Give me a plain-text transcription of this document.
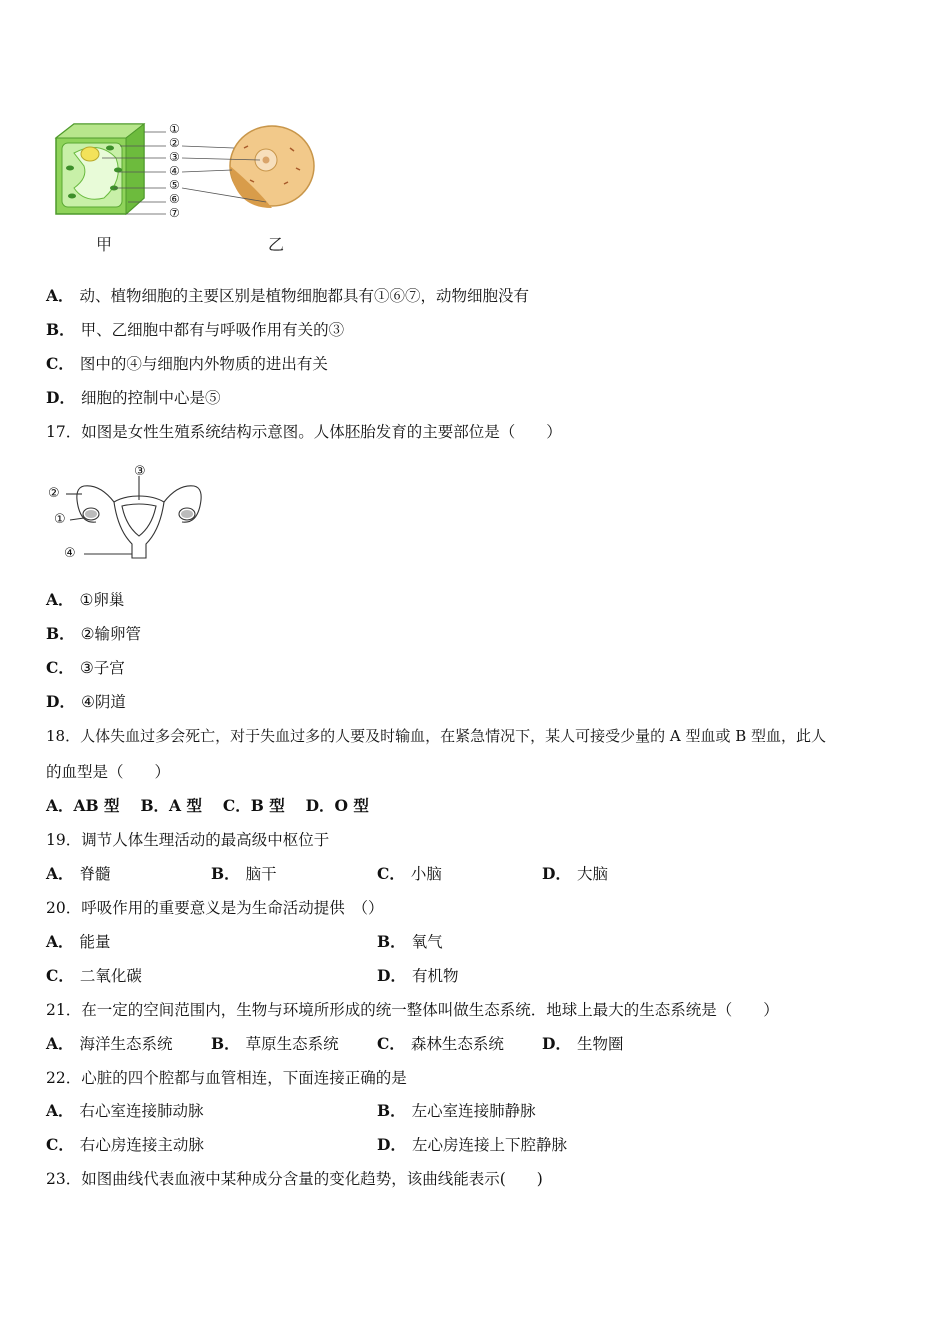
①
②
③
④
⑤
⑥
⑦
甲	乙
A． 动、植物细胞的主要区别是植物细胞都具有①⑥⑦，动物细胞没有
B． 甲、乙细胞中都有与呼吸作用有关的③
C． 图中的④与细胞内外物质的进出有关
D． 细胞的控制中心是⑤
17．如图是女性生殖系统结构示意图。人体胚胎发育的主要部位是（　　）
③
②
①
④
A． ①卵巢
B． ②输卵管
C． ③子宫
D． ④阴道
18．人体失血过多会死亡，对于失血过多的人要及时输血，在紧急情况下，某人可接受少量的 A 型血或 B 型血，此人
的血型是（　　）
A．AB 型　 B．A 型　 C．B 型　 D．O 型
19．调节人体生理活动的最高级中枢位于
A． 脊髓	B． 脑干	C． 小脑	D． 大脑
20．呼吸作用的重要意义是为生命活动提供　（）
A． 能量	B． 氧气
C． 二氧化碳	D． 有机物
21．在一定的空间范围内，生物与环境所形成的统一整体叫做生态系统．地球上最大的生态系统是（　　）
A． 海洋生态系统 B． 草原生态系统 C． 森林生态系统 D． 生物圈
22．心脏的四个腔都与血管相连，下面连接正确的是
A． 右心室连接肺动脉	B． 左心室连接肺静脉
C． 右心房连接主动脉	D． 左心房连接上下腔静脉
23．如图曲线代表血液中某种成分含量的变化趋势，该曲线能表示(　　)
